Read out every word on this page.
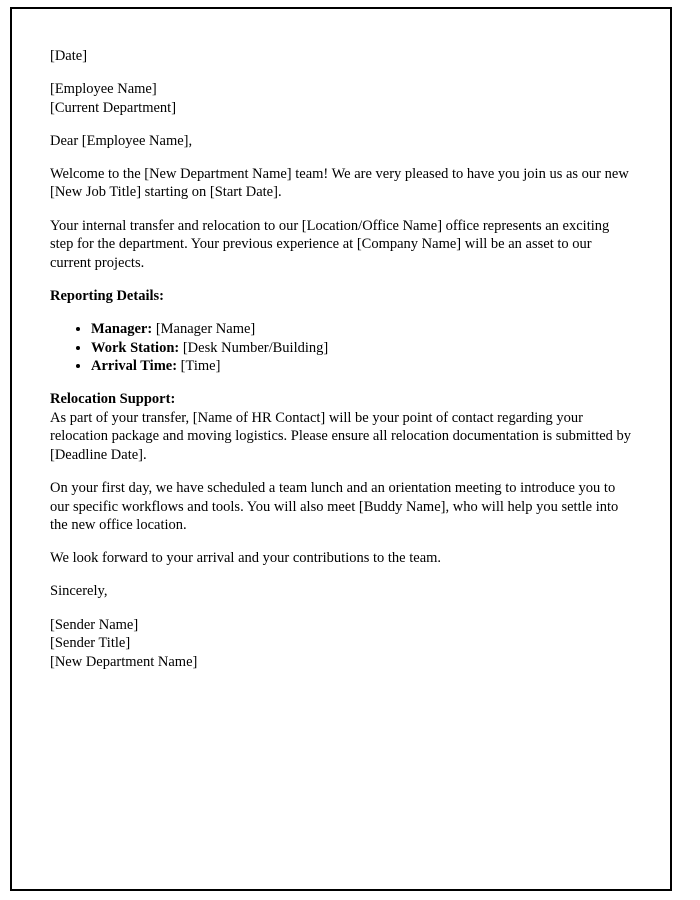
[Date]

[Employee Name]
[Current Department]

Dear [Employee Name],

Welcome to the [New Department Name] team! We are very pleased to have you join us as our new [New Job Title] starting on [Start Date].

Your internal transfer and relocation to our [Location/Office Name] office represents an exciting step for the department. Your previous experience at [Company Name] will be an asset to our current projects.

Reporting Details:

• Manager: [Manager Name]
• Work Station: [Desk Number/Building]
• Arrival Time: [Time]

Relocation Support:
As part of your transfer, [Name of HR Contact] will be your point of contact regarding your relocation package and moving logistics. Please ensure all relocation documentation is submitted by [Deadline Date].

On your first day, we have scheduled a team lunch and an orientation meeting to introduce you to our specific workflows and tools. You will also meet [Buddy Name], who will help you settle into the new office location.

We look forward to your arrival and your contributions to the team.

Sincerely,

[Sender Name]
[Sender Title]
[New Department Name]
